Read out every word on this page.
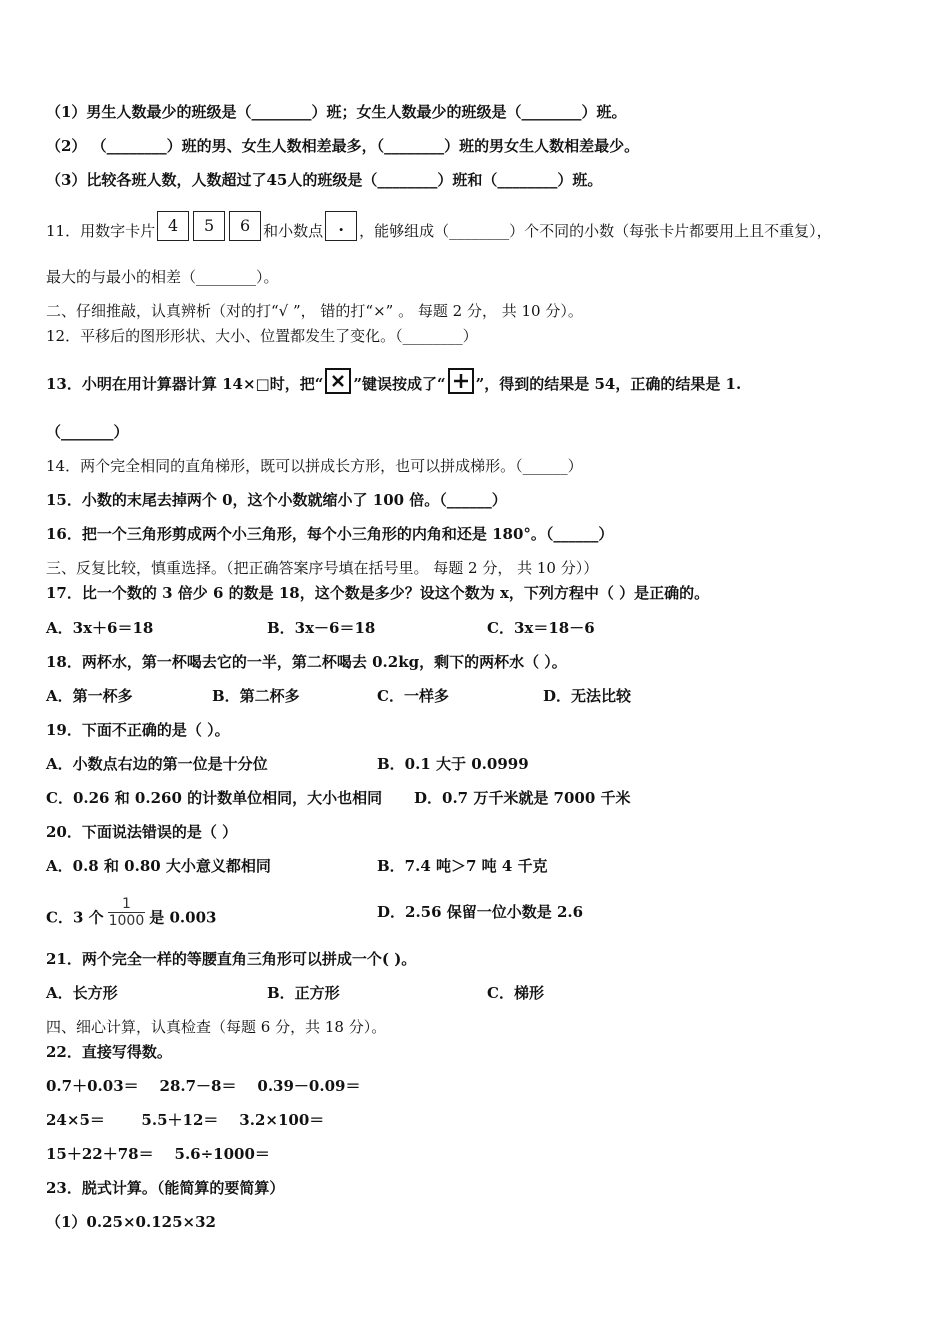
（1）男生人数最少的班级是（________）班；女生人数最少的班级是（________）班。
（2） （________）班的男、女生人数相差最多，（________）班的男女生人数相差最少。
（3）比较各班人数，人数超过了45人的班级是（________）班和（________）班。
11．用数字卡片 4 5 6 和小数点 . ，能够组成（________）个不同的小数（每张卡片都要用上且不重复），
最大的与最小的相差（________）。
二、仔细推敲，认真辨析（对的打“√ ”， 错的打“×” 。 每题 2 分， 共 10 分）。
12．平移后的图形形状、大小、位置都发生了变化。（________）
13．小明在用计算器计算 14×□时，把“ ”键误按成了“ ”，得到的结果是 54，正确的结果是 1.
（_______）
14．两个完全相同的直角梯形，既可以拼成长方形，也可以拼成梯形。（______）
15．小数的末尾去掉两个 0，这个小数就缩小了 100 倍。（______）
16．把一个三角形剪成两个小三角形，每个小三角形的内角和还是 180°。（______）
三、反复比较，慎重选择。（把正确答案序号填在括号里。 每题 2 分， 共 10 分））
17．比一个数的 3 倍少 6 的数是 18，这个数是多少？设这个数为 x，下列方程中（ ）是正确的。
A．3x＋6＝18	B．3x－6＝18	C．3x＝18－6
18．两杯水，第一杯喝去它的一半，第二杯喝去 0.2kg，剩下的两杯水（ ）。
A．第一杯多	B．第二杯多	C．一样多	D．无法比较
19．下面不正确的是（ ）。
A．小数点右边的第一位是十分位	B．0.1 大于 0.0999
C．0.26 和 0.260 的计数单位相同，大小也相同 D．0.7 万千米就是 7000 千米
20．下面说法错误的是（ ）
A．0.8 和 0.80 大小意义都相同	B．7.4 吨＞7 吨 4 千克
C．3 个 $\frac{1}{1000}$ 是 0.003	D．2.56 保留一位小数是 2.6
21．两个完全一样的等腰直角三角形可以拼成一个( )。
A．长方形	B．正方形	C．梯形
四、细心计算，认真检查（每题 6 分，共 18 分）。
22．直接写得数。
0.7＋0.03＝    28.7－8＝    0.39－0.09＝
24×5＝       5.5＋12＝    3.2×100＝
15＋22＋78＝    5.6÷1000＝
23．脱式计算。（能简算的要简算）
（1）0.25×0.125×32
